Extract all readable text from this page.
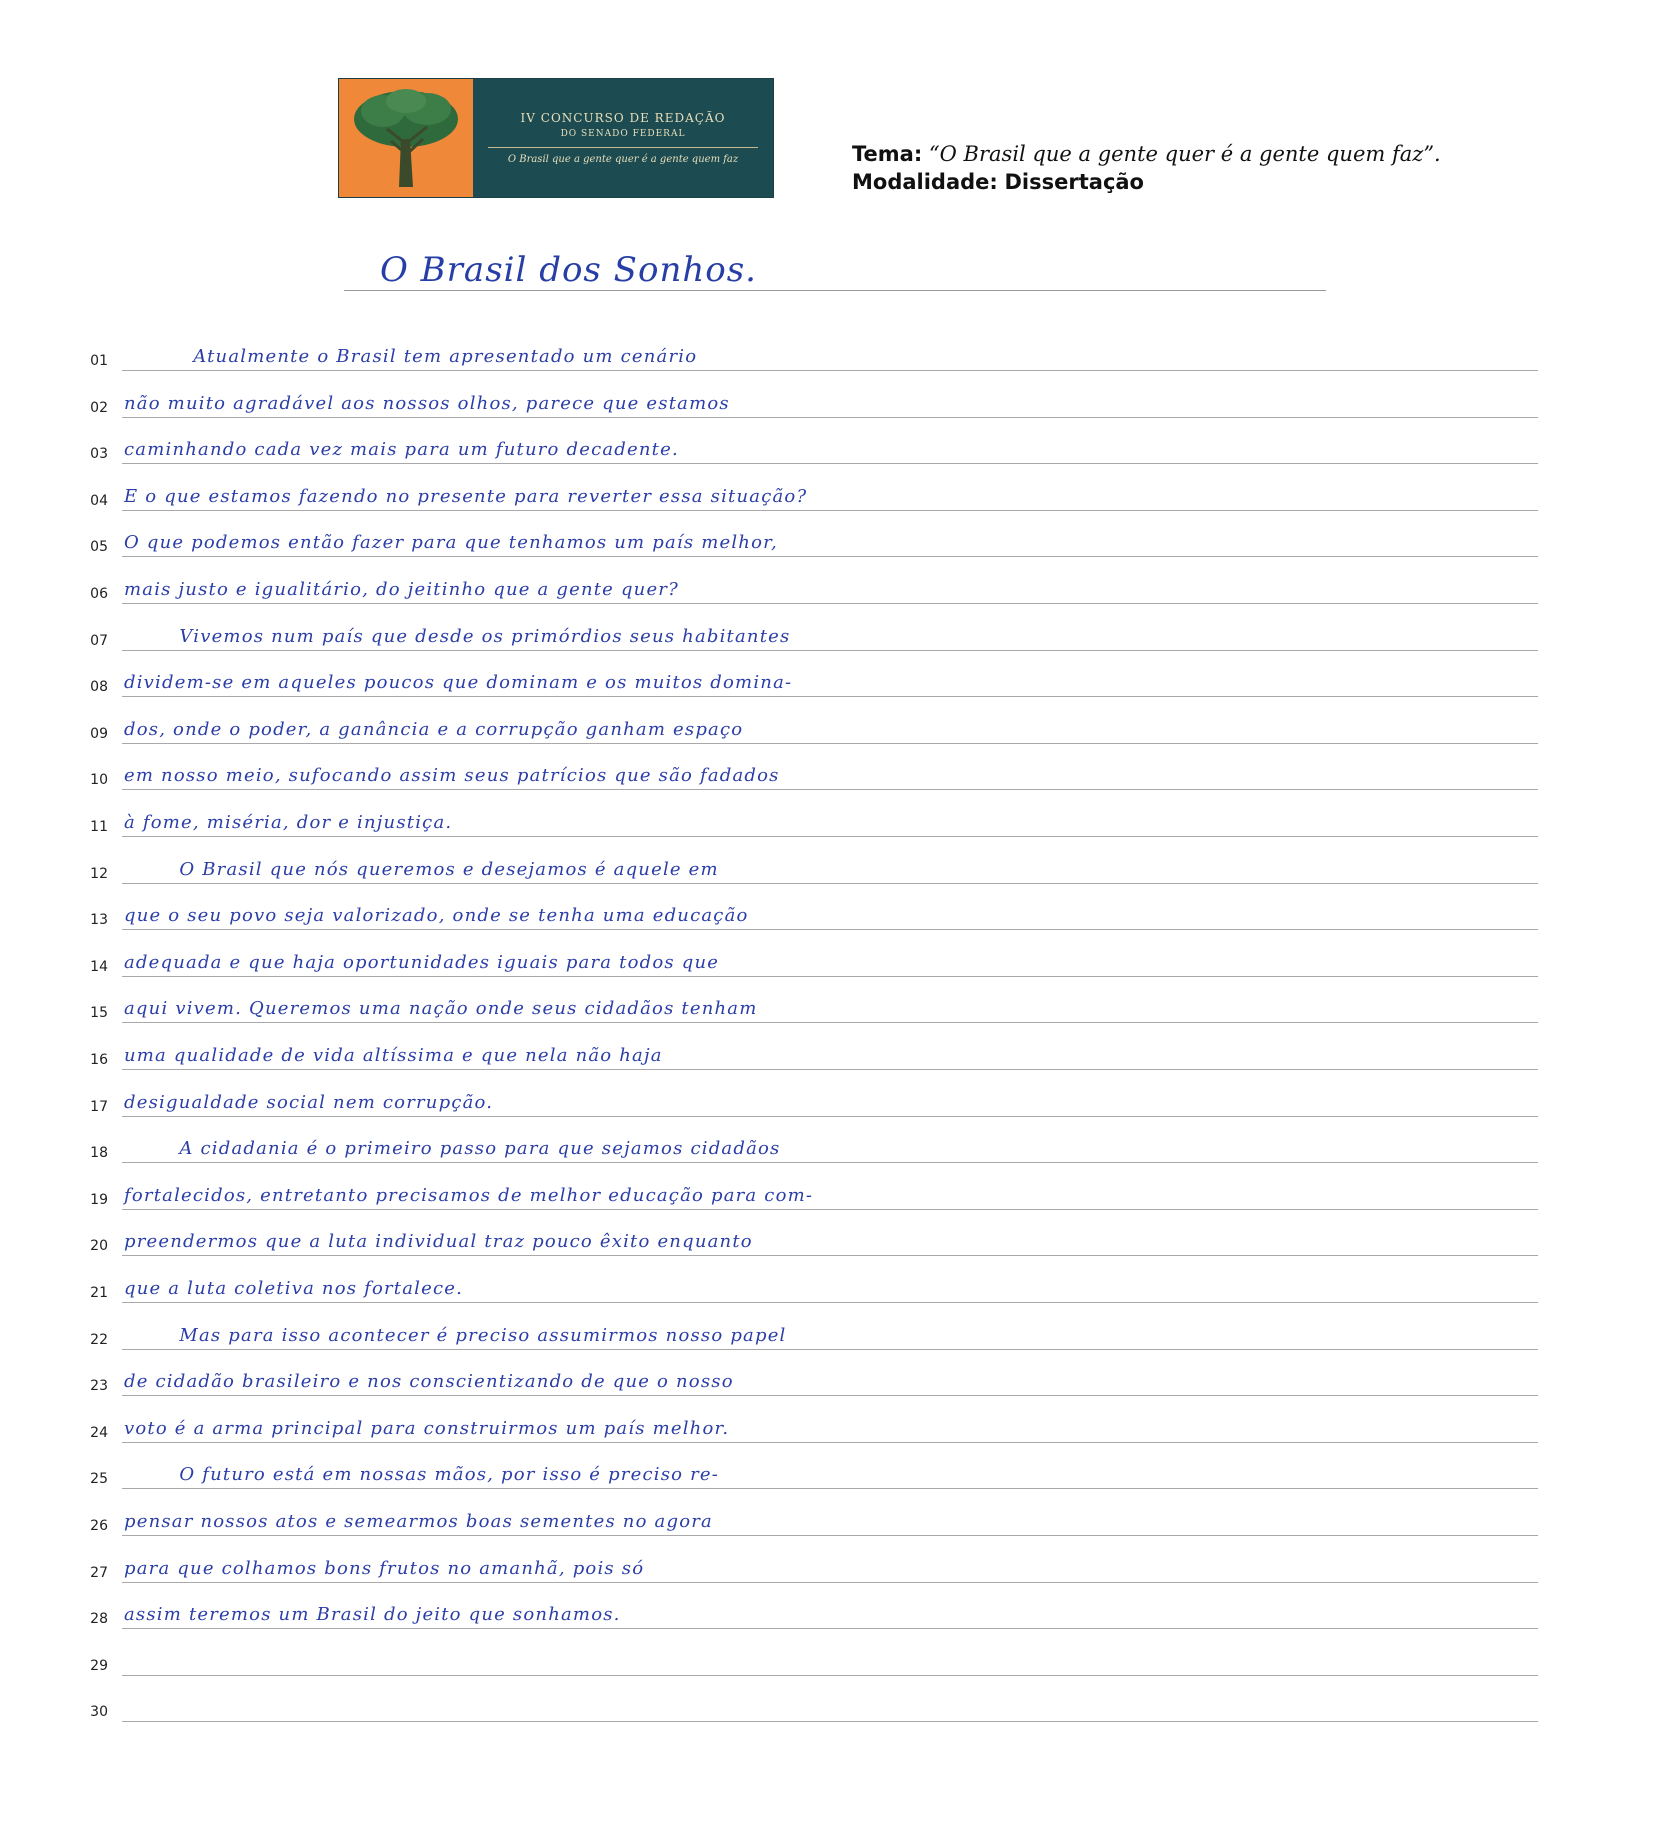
IV CONCURSO DE REDAÇÃO
DO SENADO FEDERAL
O Brasil que a gente quer é a gente quem faz	Tema: “O Brasil que a gente quer é a gente quem faz”.
Modalidade: Dissertação
O Brasil dos Sonhos.
01 Atualmente o Brasil tem apresentado um cenário
02 não muito agradável aos nossos olhos, parece que estamos
03 caminhando cada vez mais para um futuro decadente.
04 E o que estamos fazendo no presente para reverter essa situação?
05 O que podemos então fazer para que tenhamos um país melhor,
06 mais justo e igualitário, do jeitinho que a gente quer?
07 Vivemos num país que desde os primórdios seus habitantes
08 dividem-se em aqueles poucos que dominam e os muitos domina-
09 dos, onde o poder, a ganância e a corrupção ganham espaço
10 em nosso meio, sufocando assim seus patrícios que são fadados
11 à fome, miséria, dor e injustiça.
12 O Brasil que nós queremos e desejamos é aquele em
13 que o seu povo seja valorizado, onde se tenha uma educação
14 adequada e que haja oportunidades iguais para todos que
15 aqui vivem. Queremos uma nação onde seus cidadãos tenham
16 uma qualidade de vida altíssima e que nela não haja
17 desigualdade social nem corrupção.
18 A cidadania é o primeiro passo para que sejamos cidadãos
19 fortalecidos, entretanto precisamos de melhor educação para com-
20 preendermos que a luta individual traz pouco êxito enquanto
21 que a luta coletiva nos fortalece.
22 Mas para isso acontecer é preciso assumirmos nosso papel
23 de cidadão brasileiro e nos conscientizando de que o nosso
24 voto é a arma principal para construirmos um país melhor.
25 O futuro está em nossas mãos, por isso é preciso re-
26 pensar nossos atos e semearmos boas sementes no agora
27 para que colhamos bons frutos no amanhã, pois só
28 assim teremos um Brasil do jeito que sonhamos.
29
30
